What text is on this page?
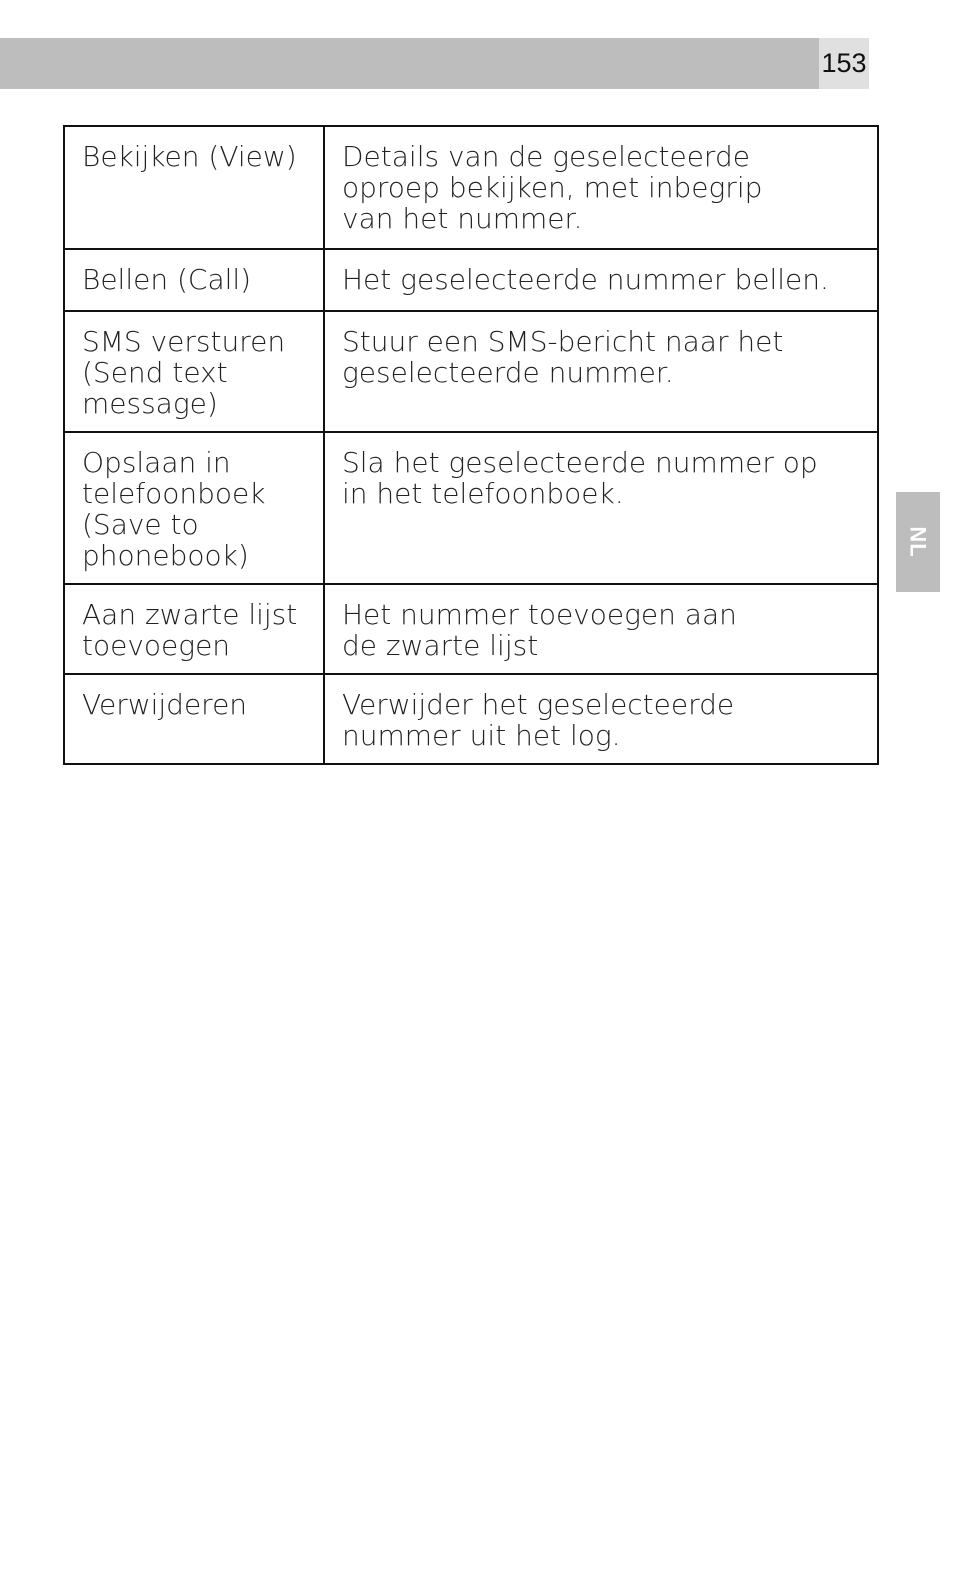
153
NL
Bekijken (View)	Details van de geselecteerde
oproep bekijken, met inbegrip
van het nummer.
Bellen (Call)	Het geselecteerde nummer bellen.
SMS versturen
(Send text
message)	Stuur een SMS-bericht naar het
geselecteerde nummer.
Opslaan in
telefoonboek
(Save to
phonebook)	Sla het geselecteerde nummer op
in het telefoonboek.
Aan zwarte lijst
toevoegen	Het nummer toevoegen aan
de zwarte lijst
Verwijderen	Verwijder het geselecteerde
nummer uit het log.
